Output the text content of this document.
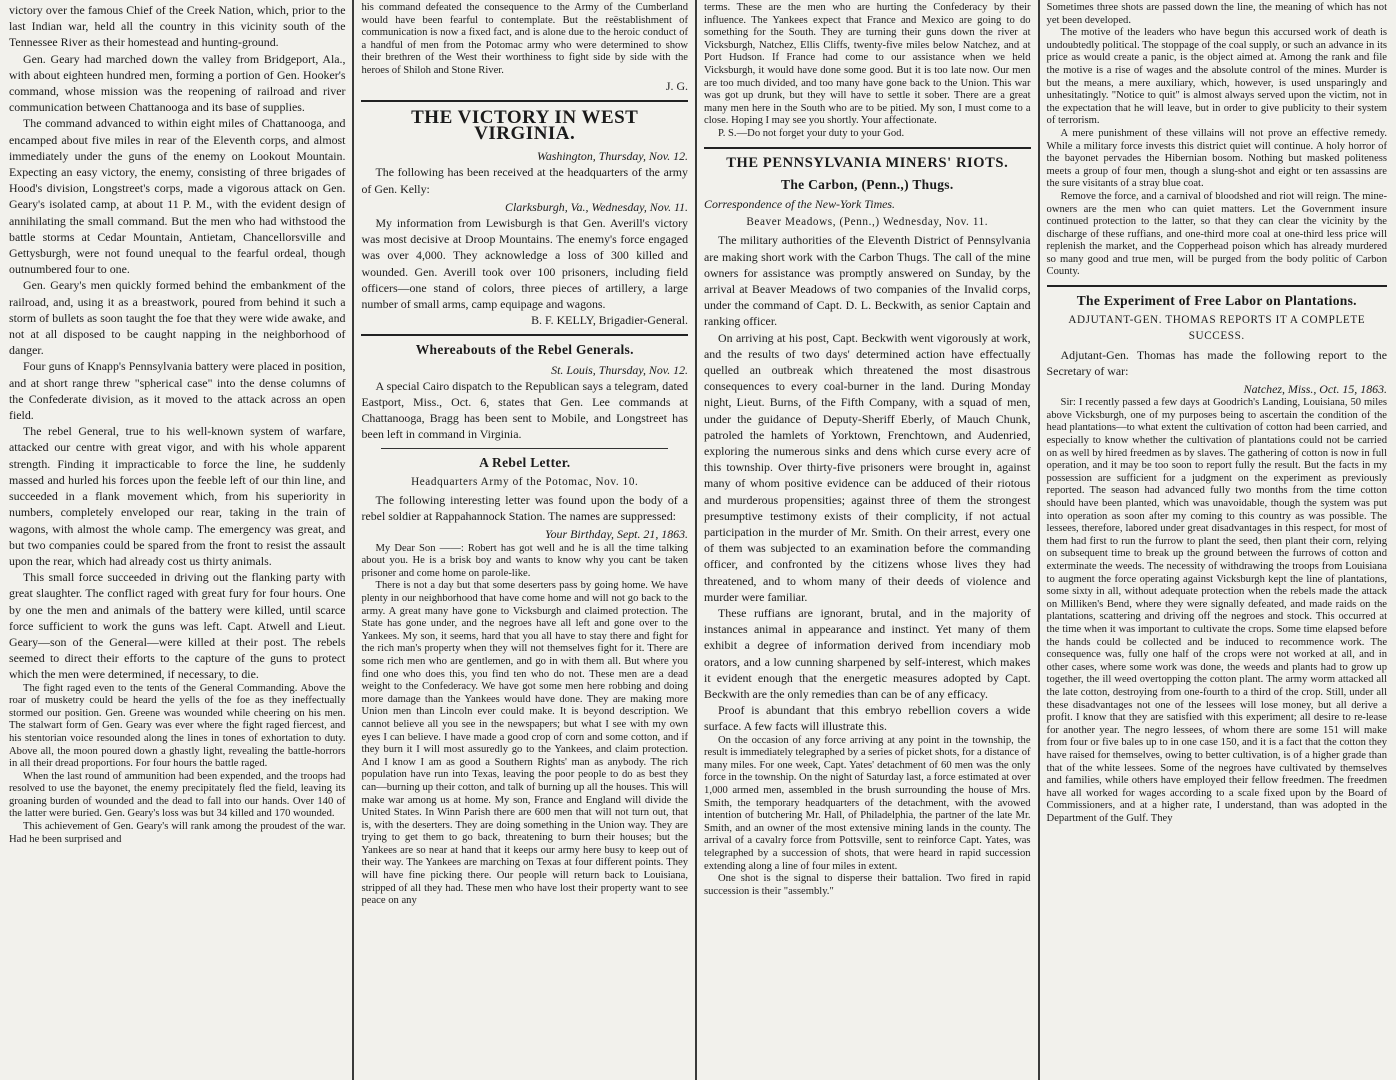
victory over the famous Chief of the Creek Nation, which, prior to the last Indian war, held all the country in this vicinity south of the Tennessee River as their homestead and hunting-ground.

Gen. Geary had marched down the valley from Bridgeport, Ala., with about eighteen hundred men, forming a portion of Gen. Hooker's command, whose mission was the reopening of railroad and river communication between Chattanooga and its base of supplies.

The command advanced to within eight miles of Chattanooga, and encamped about five miles in rear of the Eleventh corps, and almost immediately under the guns of the enemy on Lookout Mountain. Expecting an easy victory, the enemy, consisting of three brigades of Hood's division, Longstreet's corps, made a vigorous attack on Gen. Geary's isolated camp, at about 11 P. M., with the evident design of annihilating the small command. But the men who had withstood the battle storms at Cedar Mountain, Antietam, Chancellorsville and Gettysburgh, were not found unequal to the fearful ordeal, though outnumbered four to one.

Gen. Geary's men quickly formed behind the embankment of the railroad, and, using it as a breastwork, poured from behind it such a storm of bullets as soon taught the foe that they were wide awake, and not at all disposed to be caught napping in the neighborhood of danger.

Four guns of Knapp's Pennsylvania battery were placed in position, and at short range threw "spherical case" into the dense columns of the Confederate division, as it moved to the attack across an open field.

The rebel General, true to his well-known system of warfare, attacked our centre with great vigor, and with his whole apparent strength. Finding it impracticable to force the line, he suddenly massed and hurled his forces upon the feeble left of our thin line, and succeeded in a flank movement which, from his superiority in numbers, completely enveloped our rear, taking in the train of wagons, with almost the whole camp. The emergency was great, and but two companies could be spared from the front to resist the assault upon the rear, which had already cost us thirty animals.

This small force succeeded in driving out the flanking party with great slaughter. The conflict raged with great fury for four hours. One by one the men and animals of the battery were killed, until scarce force sufficient to work the guns was left. Capt. Atwell and Lieut. Geary—son of the General—were killed at their post. The rebels seemed to direct their efforts to the capture of the guns to protect which the men were determined, if necessary, to die.

The fight raged even to the tents of the General Commanding. Above the roar of musketry could be heard the yells of the foe as they ineffectually stormed our position. Gen. Greene was wounded while cheering on his men. The stalwart form of Gen. Geary was ever where the fight raged fiercest, and his stentorian voice resounded along the lines in tones of exhortation to duty. Above all, the moon poured down a ghastly light, revealing the battle-horrors in all their dread proportions. For four hours the battle raged.

When the last round of ammunition had been expended, and the troops had resolved to use the bayonet, the enemy precipitately fled the field, leaving its groaning burden of wounded and the dead to fall into our hands. Over 140 of the latter were buried. Gen. Geary's loss was but 34 killed and 170 wounded.

This achievement of Gen. Geary's will rank among the proudest of the war. Had he been surprised and

his command defeated the consequence to the Army of the Cumberland would have been fearful to contemplate. But the reëstablishment of communication is now a fixed fact, and is alone due to the heroic conduct of a handful of men from the Potomac army who were determined to show their brethren of the West their worthiness to fight side by side with the heroes of Shiloh and Stone River.

J. G.
THE VICTORY IN WEST VIRGINIA.
Washington, Thursday, Nov. 12.

The following has been received at the headquarters of the army of Gen. Kelly:

Clarksburgh, Va., Wednesday, Nov. 11.

My information from Lewisburgh is that Gen. Averill's victory was most decisive at Droop Mountains. The enemy's force engaged was over 4,000. They acknowledge a loss of 300 killed and wounded. Gen. Averill took over 100 prisoners, including field officers—one stand of colors, three pieces of artillery, a large number of small arms, camp equipage and wagons.

B. F. KELLY, Brigadier-General.
Whereabouts of the Rebel Generals.
St. Louis, Thursday, Nov. 12.

A special Cairo dispatch to the Republican says a telegram, dated Eastport, Miss., Oct. 6, states that Gen. Lee commands at Chattanooga, Bragg has been sent to Mobile, and Longstreet has been left in command in Virginia.

A Rebel Letter.
Headquarters Army of the Potomac, Nov. 10.

The following interesting letter was found upon the body of a rebel soldier at Rappahannock Station. The names are suppressed:

Your Birthday, Sept. 21, 1863.

My Dear Son ——: Robert has got well and he is all the time talking about you. He is a brisk boy and wants to know why you cant be taken prisoner and come home on parole-like.

There is not a day but that some deserters pass by going home. We have plenty in our neighborhood that have come home and will not go back to the army. A great many have gone to Vicksburgh and claimed protection. The State has gone under, and the negroes have all left and gone over to the Yankees. My son, it seems, hard that you all have to stay there and fight for the rich man's property when they will not themselves fight for it. There are some rich men who are gentlemen, and go in with them all. But where you find one who does this, you find ten who do not. These men are a dead weight to the Confederacy. We have got some men here robbing and doing more damage than the Yankees would have done. They are making more Union men than Lincoln ever could make. It is beyond description. We cannot believe all you see in the newspapers; but what I see with my own eyes I can believe. I have made a good crop of corn and some cotton, and if they burn it I will most assuredly go to the Yankees, and claim protection. And I know I am as good a Southern Rights' man as anybody. The rich population have run into Texas, leaving the poor people to do as best they can—burning up their cotton, and talk of burning up all the houses. This will make war among us at home. My son, France and England will divide the United States. In Winn Parish there are 600 men that will not turn out, that is, with the deserters. They are doing something in the Union way. They are trying to get them to go back, threatening to burn their houses; but the Yankees are so near at hand that it keeps our army here busy to keep out of their way. The Yankees are marching on Texas at four different points. They will have fine picking there. Our people will return back to Louisiana, stripped of all they had. These men who have lost their property want to see peace on any

terms. These are the men who are hurting the Confederacy by their influence. The Yankees expect that France and Mexico are going to do something for the South. They are turning their guns down the river at Vicksburgh, Natchez, Ellis Cliffs, twenty-five miles below Natchez, and at Port Hudson. If France had come to our assistance when we held Vicksburgh, it would have done some good. But it is too late now. Our men are too much divided, and too many have gone back to the Union. This war was got up drunk, but they will have to settle it sober. There are a great many men here in the South who are to be pitied. My son, I must come to a close. Hoping I may see you shortly. Your affectionate.

P. S.—Do not forget your duty to your God.

THE PENNSYLVANIA MINERS' RIOTS.
The Carbon, (Penn.,) Thugs.

Correspondence of the New-York Times.

Beaver Meadows, (Penn.,) Wednesday, Nov. 11.

The military authorities of the Eleventh District of Pennsylvania are making short work with the Carbon Thugs. The call of the mine owners for assistance was promptly answered on Sunday, by the arrival at Beaver Meadows of two companies of the Invalid corps, under the command of Capt. D. L. Beckwith, as senior Captain and ranking officer.

On arriving at his post, Capt. Beckwith went vigorously at work, and the results of two days' determined action have effectually quelled an outbreak which threatened the most disastrous consequences to every coal-burner in the land. During Monday night, Lieut. Burns, of the Fifth Company, with a squad of men, under the guidance of Deputy-Sheriff Eberly, of Mauch Chunk, patroled the hamlets of Yorktown, Frenchtown, and Audenried, exploring the numerous sinks and dens which curse every acre of this township. Over thirty-five prisoners were brought in, against many of whom positive evidence can be adduced of their riotous and murderous propensities; against three of them the strongest presumptive testimony exists of their complicity, if not actual participation in the murder of Mr. Smith. On their arrest, every one of them was subjected to an examination before the commanding officer, and confronted by the citizens whose lives they had threatened, and to whom many of their deeds of violence and murder were familiar.

These ruffians are ignorant, brutal, and in the majority of instances animal in appearance and instinct. Yet many of them exhibit a degree of information derived from incendiary mob orators, and a low cunning sharpened by self-interest, which makes it evident enough that the energetic measures adopted by Capt. Beckwith are the only remedies than can be of any efficacy.

Proof is abundant that this embryo rebellion covers a wide surface. A few facts will illustrate this.

On the occasion of any force arriving at any point in the township, the result is immediately telegraphed by a series of picket shots, for a distance of many miles. For one week, Capt. Yates' detachment of 60 men was the only force in the township. On the night of Saturday last, a force estimated at over 1,000 armed men, assembled in the brush surrounding the house of Mrs. Smith, the temporary headquarters of the detachment, with the avowed intention of butchering Mr. Hall, of Philadelphia, the partner of the late Mr. Smith, and an owner of the most extensive mining lands in the county. The arrival of a cavalry force from Pottsville, sent to reinforce Capt. Yates, was telegraphed by a succession of shots, that were heard in rapid succession extending along a line of four miles in extent.

One shot is the signal to disperse their battalion. Two fired in rapid succession is their "assembly."

Sometimes three shots are passed down the line, the meaning of which has not yet been developed.

The motive of the leaders who have begun this accursed work of death is undoubtedly political. The stoppage of the coal supply, or such an advance in its price as would create a panic, is the object aimed at. Among the rank and file the motive is a rise of wages and the absolute control of the mines. Murder is but the means, a mere auxiliary, which, however, is used unsparingly and unhesitatingly. "Notice to quit" is almost always served upon the victim, not in the expectation that he will leave, but in order to give publicity to their system of terrorism.

A mere punishment of these villains will not prove an effective remedy. While a military force invests this district quiet will continue. A holy horror of the bayonet pervades the Hibernian bosom. Nothing but masked politeness meets a group of four men, though a slung-shot and eight or ten assassins are the sure visitants of a stray blue coat.

Remove the force, and a carnival of bloodshed and riot will reign. The mine-owners are the men who can quiet matters. Let the Government insure continued protection to the latter, so that they can clear the vicinity by the discharge of these ruffians, and one-third more coal at one-third less price will replenish the market, and the Copperhead poison which has already murdered so many good and true men, will be purged from the body politic of Carbon County.

The Experiment of Free Labor on Plantations.
ADJUTANT-GEN. THOMAS REPORTS IT A COMPLETE SUCCESS.

Adjutant-Gen. Thomas has made the following report to the Secretary of war:

Natchez, Miss., Oct. 15, 1863.

Sir: I recently passed a few days at Goodrich's Landing, Louisiana, 50 miles above Vicksburgh, one of my purposes being to ascertain the condition of the head plantations—to what extent the cultivation of cotton had been carried, and especially to know whether the cultivation of plantations could not be carried on as well by hired freedmen as by slaves. The gathering of cotton is now in full operation, and it may be too soon to report fully the result. But the facts in my possession are sufficient for a judgment on the experiment as previously reported. The season had advanced fully two months from the time cotton should have been planted, which was unavoidable, though the system was put into operation as soon after my coming to this country as was possible. The lessees, therefore, labored under great disadvantages in this respect, for most of them had first to run the furrow to plant the seed, then plant their corn, relying on subsequent time to break up the ground between the furrows of cotton and exterminate the weeds. The necessity of withdrawing the troops from Louisiana to augment the force operating against Vicksburgh kept the line of plantations, some sixty in all, without adequate protection when the rebels made the attack on Milliken's Bend, where they were signally defeated, and made raids on the plantations, scattering and driving off the negroes and stock. This occurred at the time when it was important to cultivate the crops. Some time elapsed before the hands could be collected and be induced to recommence work. The consequence was, fully one half of the crops were not worked at all, and in other cases, where some work was done, the weeds and plants had to grow up together, the ill weed overtopping the cotton plant. The army worm attacked all the late cotton, destroying from one-fourth to a third of the crop. Still, under all these disadvantages not one of the lessees will lose money, but all derive a profit. I know that they are satisfied with this experiment; all desire to re-lease for another year. The negro lessees, of whom there are some 151 will make from four or five bales up to in one case 150, and it is a fact that the cotton they have raised for themselves, owing to better cultivation, is of a higher grade than that of the white lessees. Some of the negroes have cultivated by themselves and families, while others have employed their fellow freedmen. The freedmen have all worked for wages according to a scale fixed upon by the Board of Commissioners, and at a higher rate, I understand, than was adopted in the Department of the Gulf. They
